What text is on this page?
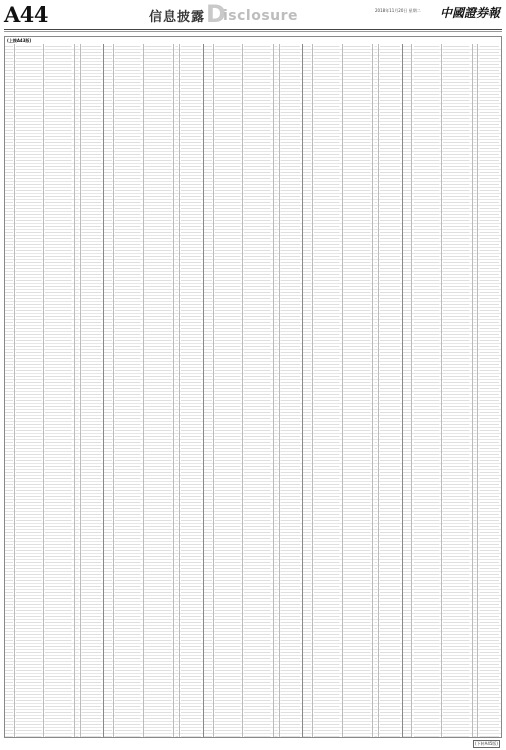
A44	信息披露 D
isclosure	2018年11月20日 星期二 中國證券報
(上接A43版)
(下转A45版)
